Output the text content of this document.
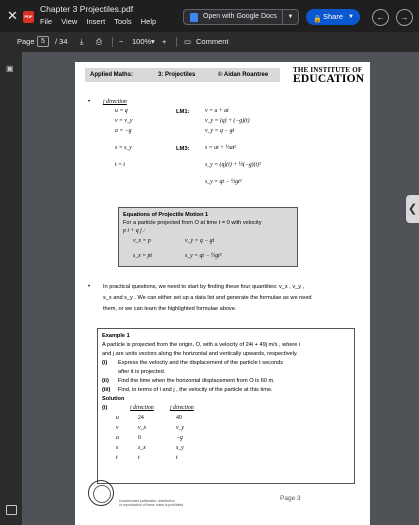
✕	PDF
Chapter 3 Projectiles.pdf
File View Insert Tools Help
Open with Google Docs	▼	🔒 Share ▼	←	→
Page 5	/ 34 ⤓ ⎙ − 100% ▾ + ▭ Comment
▣
❮
Applied Maths:	3: Projectiles	© Aidan Roantree
THE INSTITUTE OF
EDUCATION
• j direction
u = q
v = v_y
a = −g
s = s_y
t = t
LM1:	v = u + at
v_y = (q) + (−g)(t)
v_y = q − gt
LM3:	s = ut + ½at²
s_y = (q)(t) + ½(−g)(t)²
s_y = qt − ½gt²
Equations of Projectile Motion 1
For a particle projected from O at time t = 0 with velocity
p i + q j :
v_x = p	v_y = q − gt
s_x = pt	s_y = qt − ½gt²
• In practical questions, we need to start by finding these four quantities: v_x , v_y ,
s_x and s_y . We can either set up a data list and generate the formulae as we need
them, or we can learn the highlighted formulae above.
Example 1
A particle is projected from the origin, O, with a velocity of 24i + 49j m/s , where i
and j are units vectors along the horizontal and vertically upwards, respectively.
(i) Express the velocity and the displacement of the particle t seconds
after it is projected.
(ii) Find the time when the horizontal displacement from O is 60 m.
(iii) Find, in terms of i and j , the velocity of the particle at this time.
Solution
(i)	i direction	j direction
u	24	49
v	v_x	v_y
a	0	−g
s	s_x	s_y
t	t	t
Unauthorised publication, distribution
or reproduction of these notes is prohibited
Page 3
